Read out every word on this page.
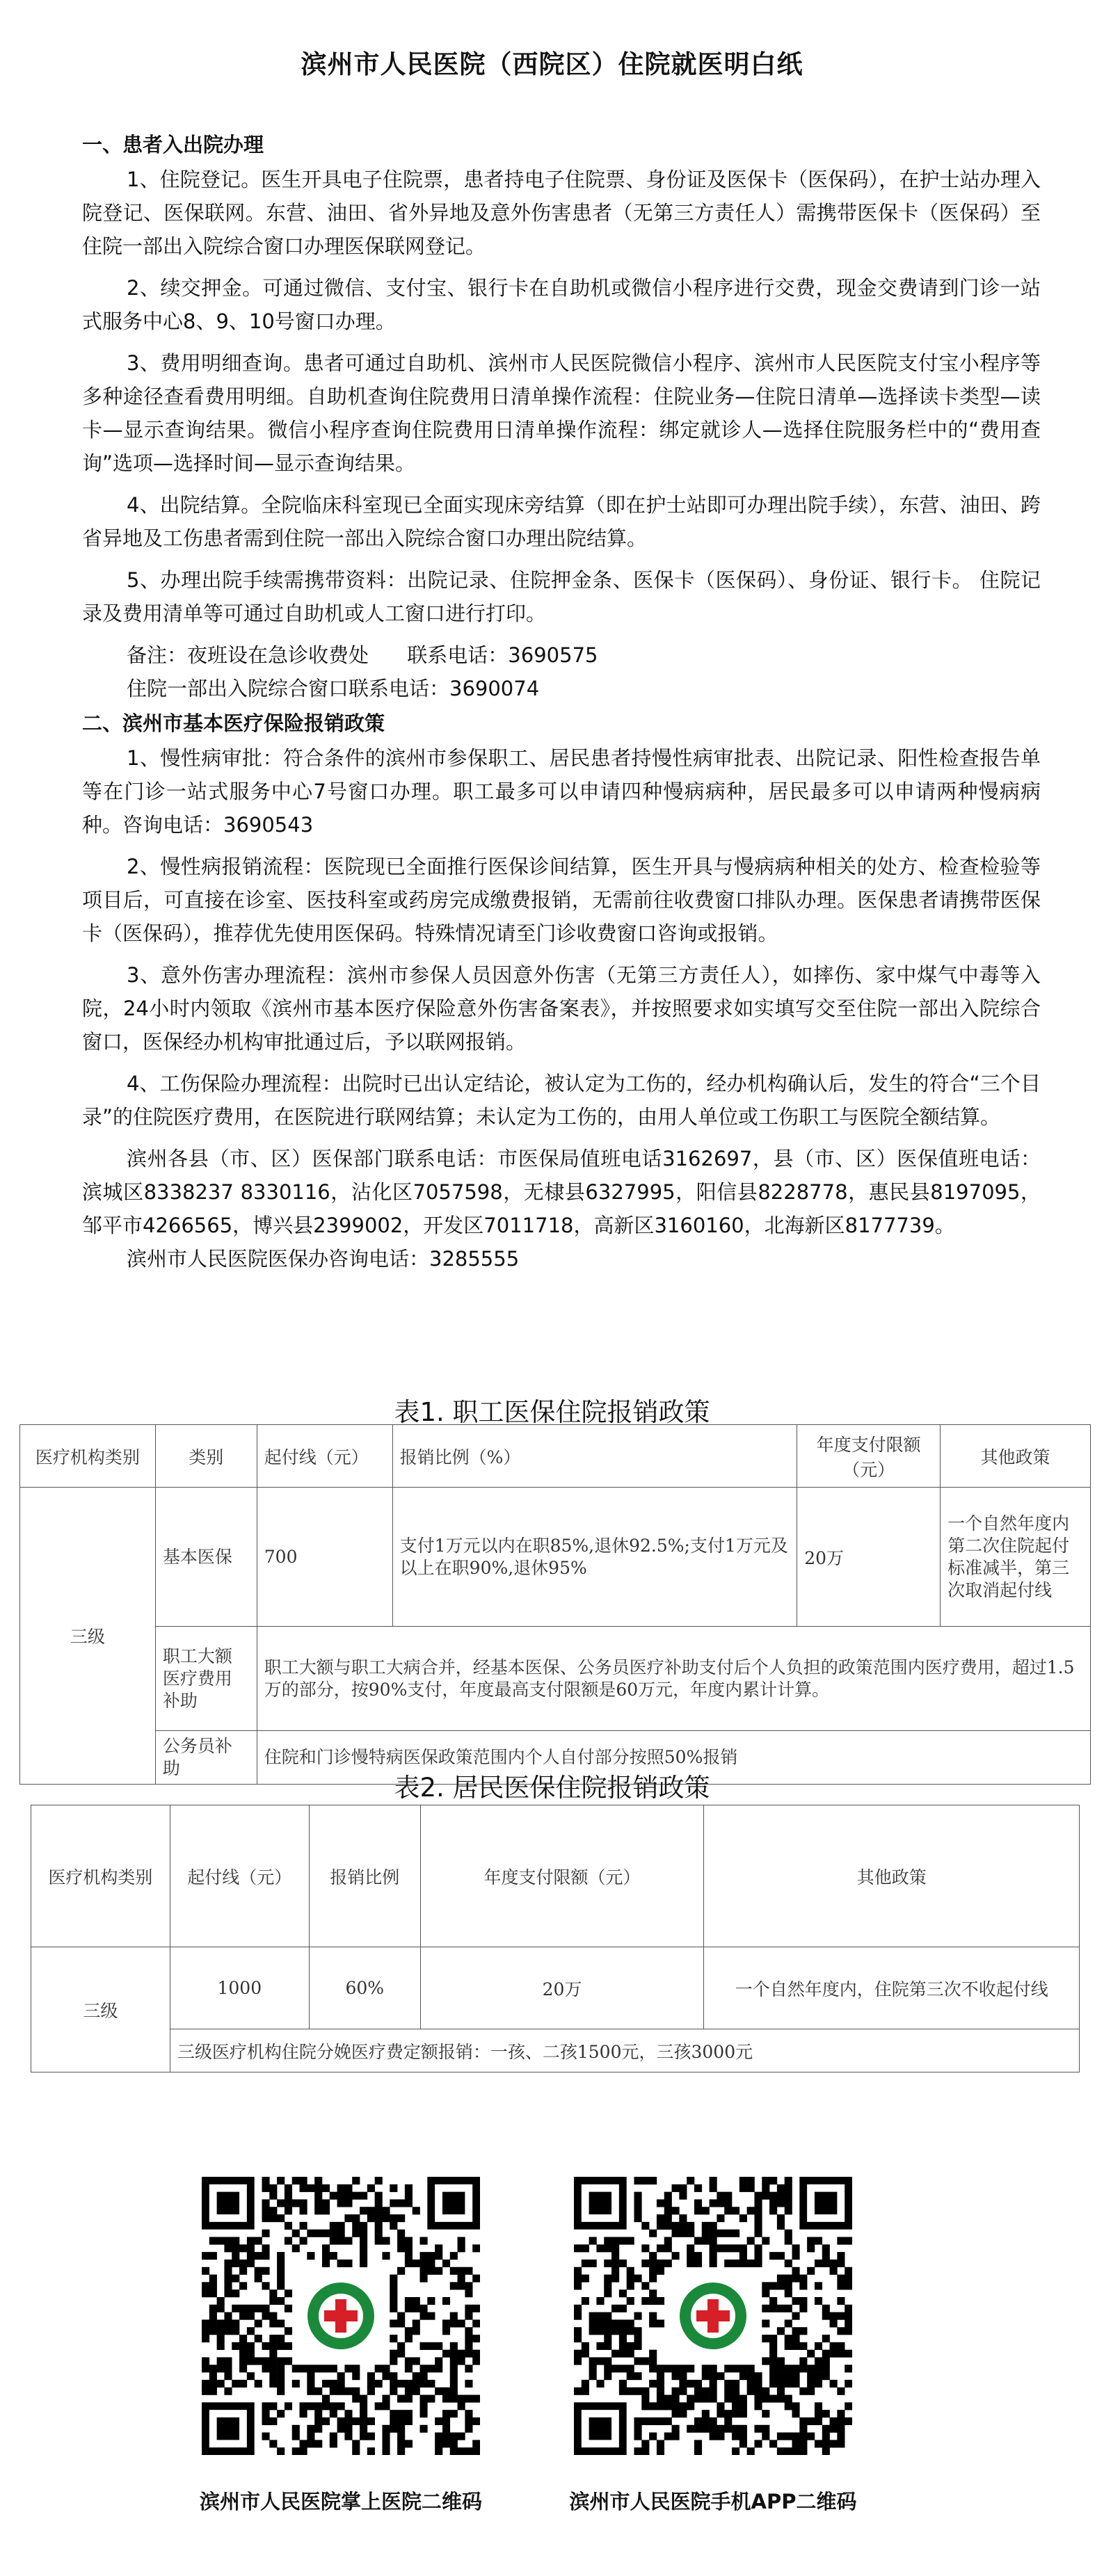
滨州市人民医院（西院区）住院就医明白纸

一、患者入出院办理

1、住院登记。医生开具电子住院票，患者持电子住院票、身份证及医保卡（医保码），在护士站办理入院登记、医保联网。东营、油田、省外异地及意外伤害患者（无第三方责任人）需携带医保卡（医保码）至住院一部出入院综合窗口办理医保联网登记。

2、续交押金。可通过微信、支付宝、银行卡在自助机或微信小程序进行交费，现金交费请到门诊一站式服务中心8、9、10号窗口办理。

3、费用明细查询。患者可通过自助机、滨州市人民医院微信小程序、滨州市人民医院支付宝小程序等多种途径查看费用明细。自助机查询住院费用日清单操作流程：住院业务—住院日清单—选择读卡类型—读卡—显示查询结果。微信小程序查询住院费用日清单操作流程：绑定就诊人—选择住院服务栏中的“费用查询”选项—选择时间—显示查询结果。

4、出院结算。全院临床科室现已全面实现床旁结算（即在护士站即可办理出院手续），东营、油田、跨省异地及工伤患者需到住院一部出入院综合窗口办理出院结算。

5、办理出院手续需携带资料：出院记录、住院押金条、医保卡（医保码）、身份证、银行卡。 住院记录及费用清单等可通过自助机或人工窗口进行打印。

备注：夜班设在急诊收费处      联系电话：3690575

住院一部出入院综合窗口联系电话：3690074

二、滨州市基本医疗保险报销政策

1、慢性病审批：符合条件的滨州市参保职工、居民患者持慢性病审批表、出院记录、阳性检查报告单等在门诊一站式服务中心7号窗口办理。职工最多可以申请四种慢病病种，居民最多可以申请两种慢病病种。咨询电话：3690543

2、慢性病报销流程：医院现已全面推行医保诊间结算，医生开具与慢病病种相关的处方、检查检验等项目后，可直接在诊室、医技科室或药房完成缴费报销，无需前往收费窗口排队办理。医保患者请携带医保卡（医保码），推荐优先使用医保码。特殊情况请至门诊收费窗口咨询或报销。

3、意外伤害办理流程：滨州市参保人员因意外伤害（无第三方责任人），如摔伤、家中煤气中毒等入院，24小时内领取《滨州市基本医疗保险意外伤害备案表》，并按照要求如实填写交至住院一部出入院综合窗口，医保经办机构审批通过后，予以联网报销。

4、工伤保险办理流程：出院时已出认定结论，被认定为工伤的，经办机构确认后，发生的符合“三个目录”的住院医疗费用，在医院进行联网结算；未认定为工伤的，由用人单位或工伤职工与医院全额结算。

滨州各县（市、区）医保部门联系电话：市医保局值班电话3162697，县（市、区）医保值班电话：滨城区8338237 8330116，沾化区7057598，无棣县6327995，阳信县8228778，惠民县8197095，邹平市4266565，博兴县2399002，开发区7011718，高新区3160160，北海新区8177739。

滨州市人民医院医保办咨询电话：3285555

表1. 职工医保住院报销政策

医疗机构类别	类别	起付线（元）	报销比例（%）	年度支付限额（元）	其他政策
三级	基本医保	700	支付1万元以内在职85%,退休92.5%;支付1万元及以上在职90%,退休95%	20万	一个自然年度内第二次住院起付标准减半，第三次取消起付线
	职工大额医疗费用补助	职工大额与职工大病合并，经基本医保、公务员医疗补助支付后个人负担的政策范围内医疗费用，超过1.5万的部分，按90%支付，年度最高支付限额是60万元，年度内累计计算。			
	公务员补助	住院和门诊慢特病医保政策范围内个人自付部分按照50%报销			

表2. 居民医保住院报销政策

医疗机构类别	起付线（元）	报销比例	年度支付限额（元）	其他政策
三级	1000	60%	20万	一个自然年度内，住院第三次不收起付线
	三级医疗机构住院分娩医疗费定额报销：一孩、二孩1500元，三孩3000元			
滨州市人民医院掌上医院二维码	滨州市人民医院手机APP二维码
